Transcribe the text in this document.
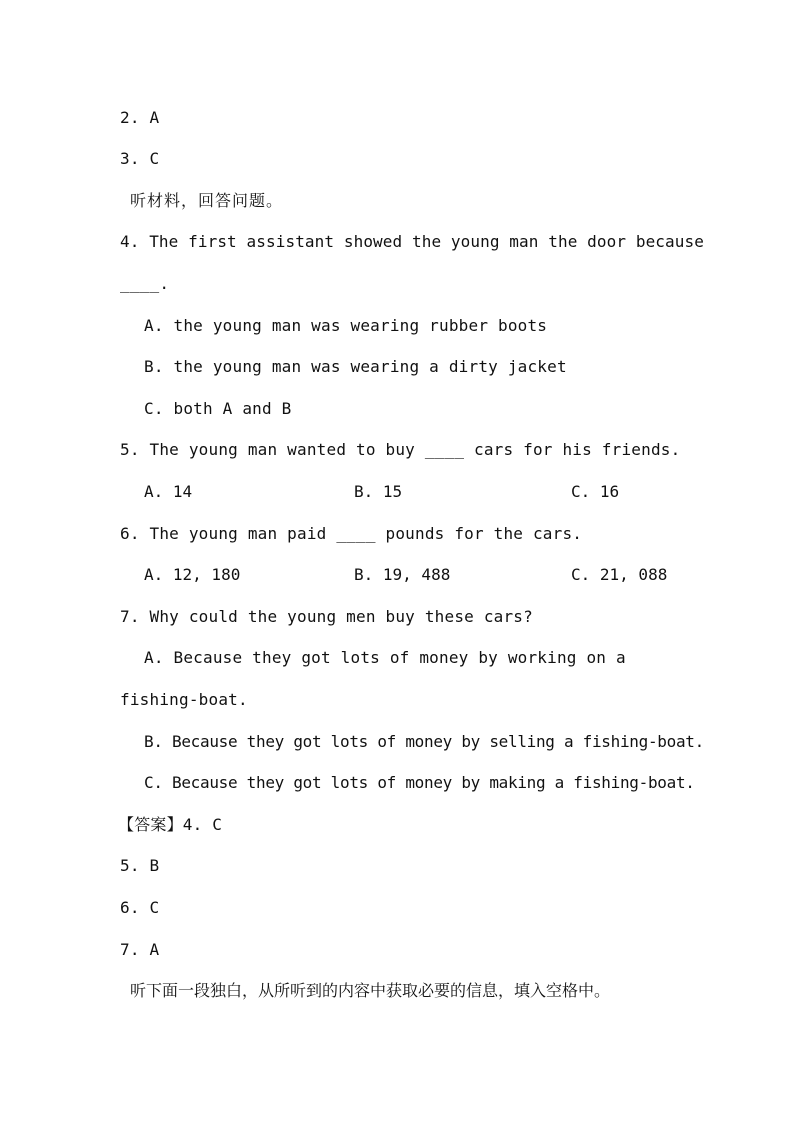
2. A
3. C
听材料，回答问题。
4. The first assistant showed the young man the door because
____.
A. the young man was wearing rubber boots
B. the young man was wearing a dirty jacket
C. both A and B
5. The young man wanted to buy ____ cars for his friends.
A. 14	B. 15	C. 16
6. The young man paid ____ pounds for the cars.
A. 12, 180	B. 19, 488	C. 21, 088
7. Why could the young men buy these cars?
A. Because they got lots of money by working on a
fishing-boat.
B. Because they got lots of money by selling a fishing-boat.
C. Because they got lots of money by making a fishing-boat.
【答案】4. C
5. B
6. C
7. A
听下面一段独白，从所听到的内容中获取必要的信息，填入空格中。
